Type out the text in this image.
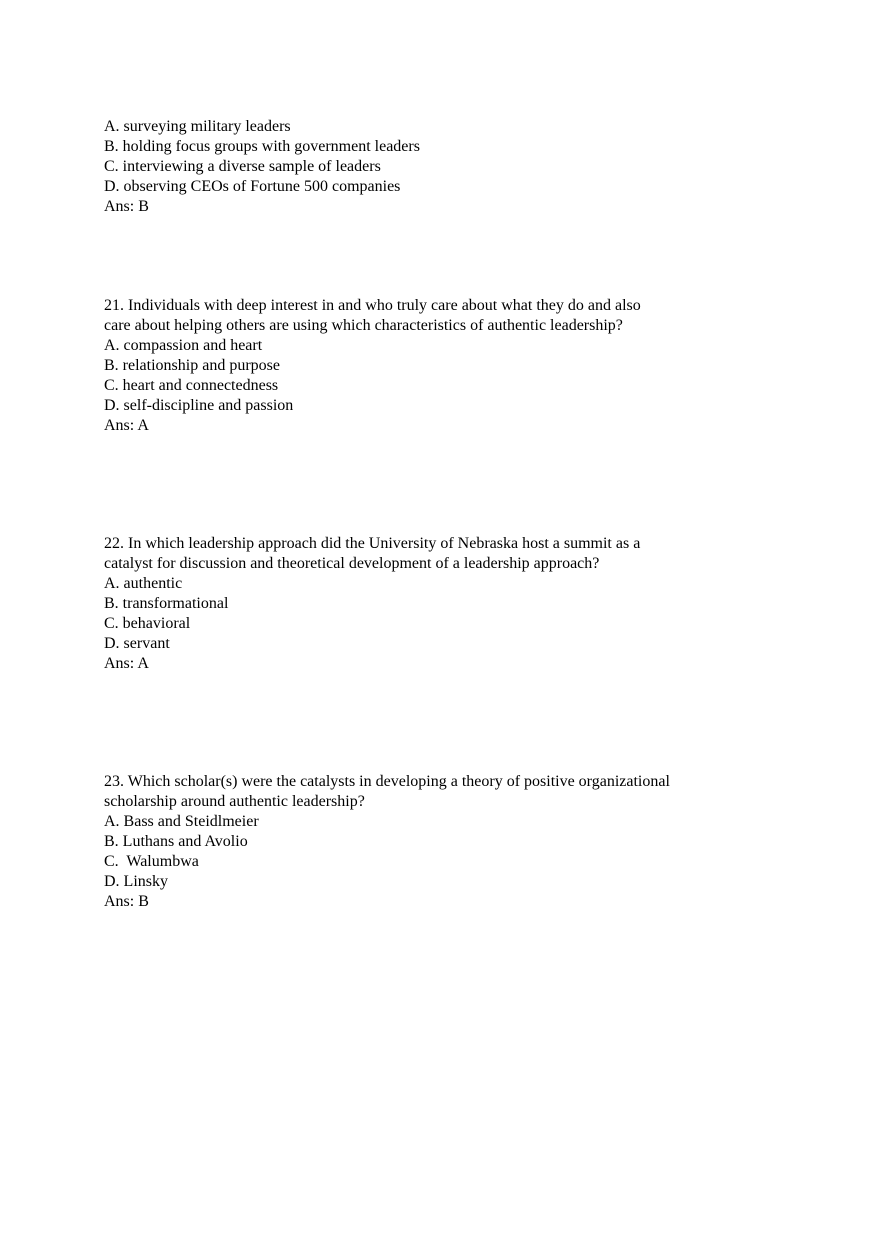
A. surveying military leaders
B. holding focus groups with government leaders
C. interviewing a diverse sample of leaders
D. observing CEOs of Fortune 500 companies
Ans: B
21. Individuals with deep interest in and who truly care about what they do and also
care about helping others are using which characteristics of authentic leadership?
A. compassion and heart
B. relationship and purpose
C. heart and connectedness
D. self-discipline and passion
Ans: A
22. In which leadership approach did the University of Nebraska host a summit as a
catalyst for discussion and theoretical development of a leadership approach?
A. authentic
B. transformational
C. behavioral
D. servant
Ans: A
23. Which scholar(s) were the catalysts in developing a theory of positive organizational
scholarship around authentic leadership?
A. Bass and Steidlmeier
B. Luthans and Avolio
C.  Walumbwa
D. Linsky
Ans: B
